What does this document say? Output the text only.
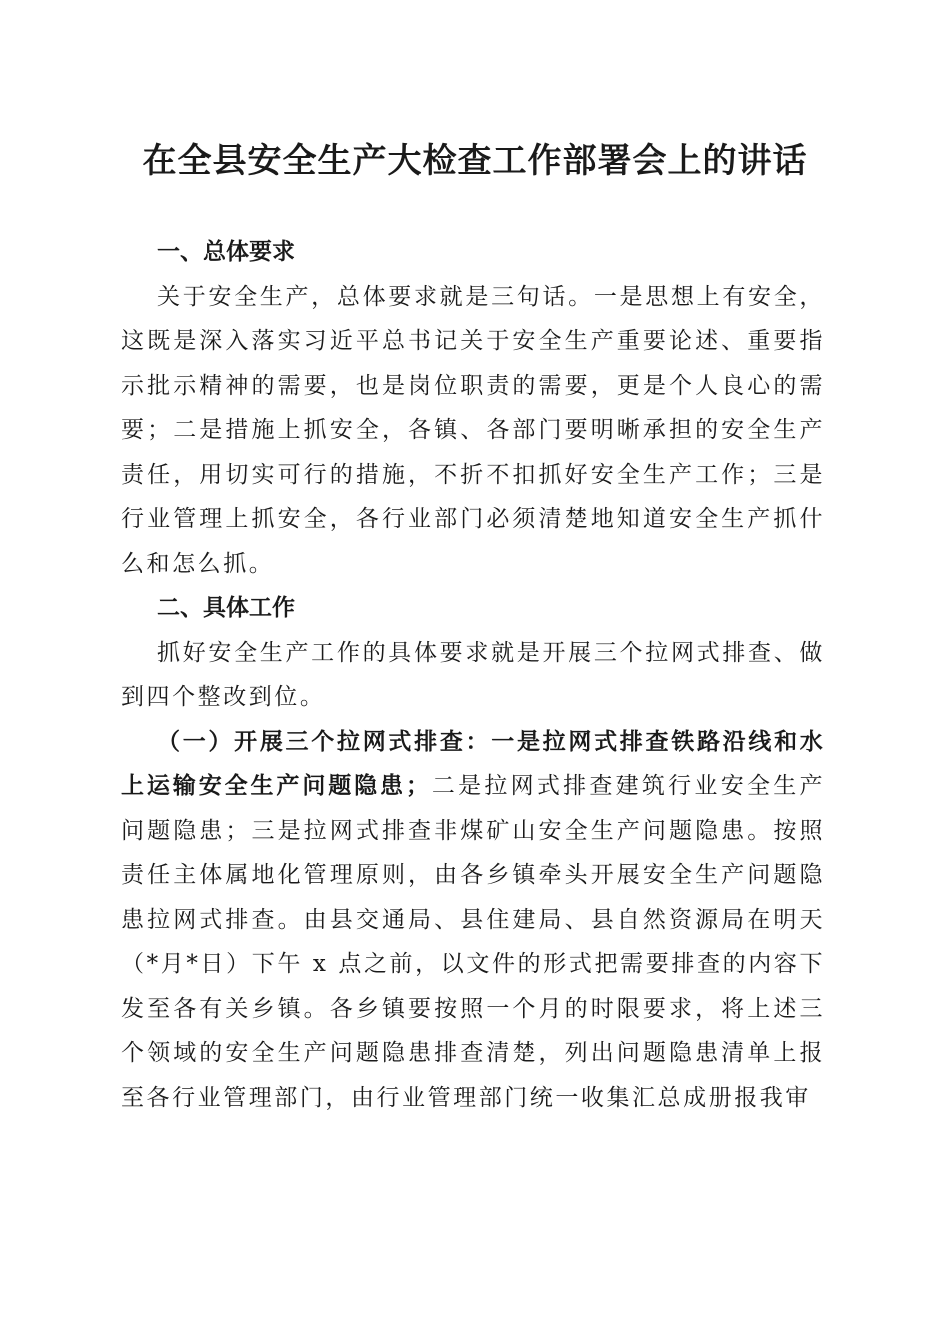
在全县安全生产大检查工作部署会上的讲话

一、总体要求

关于安全生产，总体要求就是三句话。一是思想上有安全，这既是深入落实习近平总书记关于安全生产重要论述、重要指示批示精神的需要，也是岗位职责的需要，更是个人良心的需要；二是措施上抓安全，各镇、各部门要明晰承担的安全生产责任，用切实可行的措施，不折不扣抓好安全生产工作；三是行业管理上抓安全，各行业部门必须清楚地知道安全生产抓什么和怎么抓。

二、具体工作

抓好安全生产工作的具体要求就是开展三个拉网式排查、做到四个整改到位。

（一）开展三个拉网式排查：一是拉网式排查铁路沿线和水上运输安全生产问题隐患；二是拉网式排查建筑行业安全生产问题隐患；三是拉网式排查非煤矿山安全生产问题隐患。按照责任主体属地化管理原则，由各乡镇牵头开展安全生产问题隐患拉网式排查。由县交通局、县住建局、县自然资源局在明天（*月*日）下午 x 点之前，以文件的形式把需要排查的内容下发至各有关乡镇。各乡镇要按照一个月的时限要求，将上述三个领域的安全生产问题隐患排查清楚，列出问题隐患清单上报至各行业管理部门，由行业管理部门统一收集汇总成册报我审
